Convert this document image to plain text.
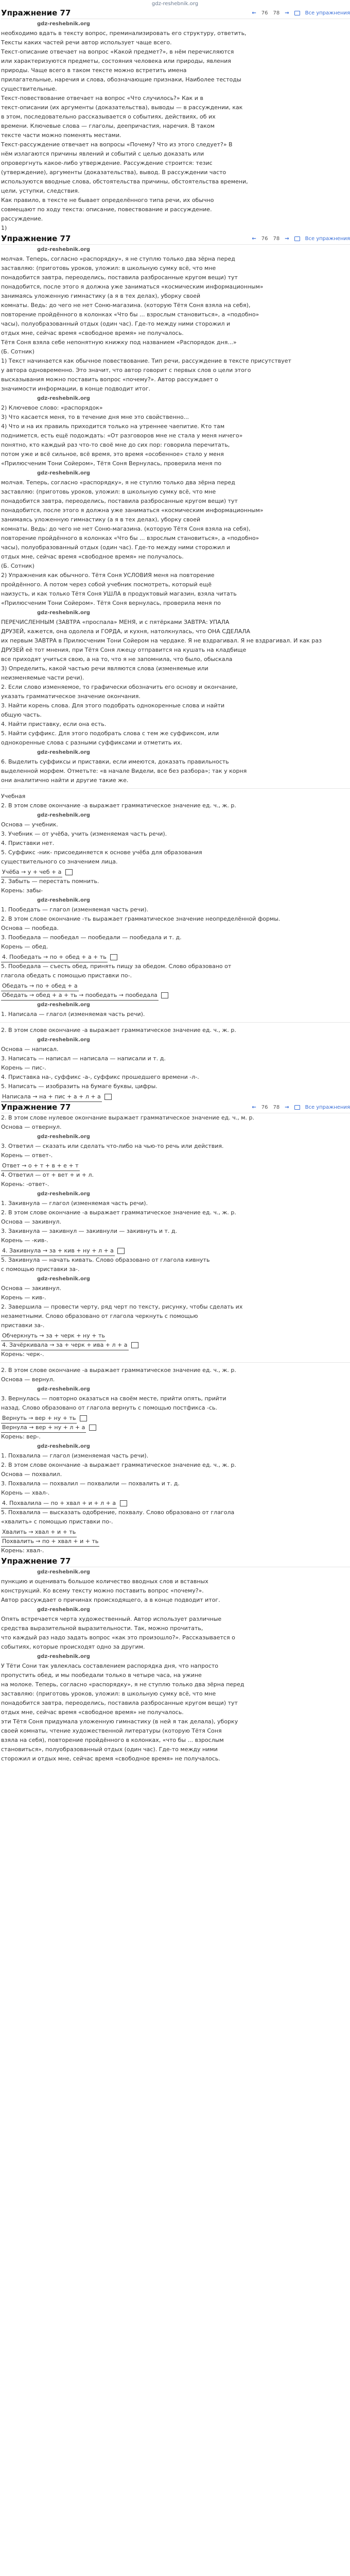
gdz-reshebnik.org
Упражнение 77	← 76 78 →	Все упражнения

gdz-reshebnik.org

необходимо вдать в тексту вопрос, преминализировать его структуру, ответить,

Тексты каких частей речи автор использует чаще всего.

Текст-описание отвечает на вопрос «Какой предмет?», в нём перечисляются

или характеризуются предметы, состояния человека или природы, явления

природы. Чаще всего в таком тексте можно встретить имена

прилагательные, наречия и слова, обозначающие признаки, Наиболее тестоды

существительные.

Текст-повествование отвечает на вопрос «Что случилось?» Как и в

текст-описании (их аргументы (доказательства), выводы — в рассуждении, как

в этом, последовательно рассказывается о событиях, действиях, об их

времени. Ключевые слова — глаголы, деепричастия, наречия. В таком

тексте части можно поменять местами.

Текст-рассуждение отвечает на вопросы «Почему? Что из этого следует?» В

нём излагаются причины явлений и событий с целью доказать или

опровергнуть какое-либо утверждение. Рассуждение строится: тезис

(утверждение), аргументы (доказательства), вывод. В рассуждении часто

используются вводные слова, обстоятельства причины, обстоятельства времени,

цели, уступки, следствия.

Как правило, в тексте не бывает определённого типа речи, их обычно

совмещают по ходу текста: описание, повествование и рассуждение.

рассуждение.

1)

Упражнение 77	← 76 78 →	Все упражнения

gdz-reshebnik.org

молчая. Теперь, согласно «распорядку», я не ступлю только два зёрна перед

заставляю: (приготовь уроков, уложил: в школьную сумку всё, что мне

понадобится завтра, переоделись, поставила разбросанные кругом вещи) тут

понадобится, после этого я должна уже заниматься «космическим информационным»

занимаясь уложенную гимнастику (а я в тех делах), уборку своей

комнаты. Ведь: до чего не нет Соню-магазина. (которую Тётя Соня взяла на себя),

повторение пройдённого в колонках «Что бы ... взрослым становиться», а «подобно»

часы), полуобразованный отдых (один час). Где-то между ними сторожил и

отдых мне, сейчас время «свободное время» не получалось.

Тётя Соня взяла себе непонятную книжку под названием «Распорядок дня...»

(Б. Сотник)

1) Текст начинается как обычное повествование. Тип речи, рассуждение в тексте присутствует

у автора одновременно. Это значит, что автор говорит с первых слов о цели этого

высказывания можно поставить вопрос «почему?». Автор рассуждает о

значимости информации, в конце подводит итог.

gdz-reshebnik.org

2) Ключевое слово: «распорядок»

3) Что касается меня, то в течение дня мне это свойственно...

4) Что и на их правиль приходится только на утреннее чаепитие. Кто там

поднимется, есть ещё подождать: «От разговоров мне не стала у меня ничего»

понятно, кто каждый раз что-то своё мне до сих пор: говорила перечитать,

потом уже и всё сильное, всё время, это время «особенное» стало у меня

«Прилюсченим Тони Сойером», Тётя Соня Вернулась, проверила меня по

gdz-reshebnik.org

молчая. Теперь, согласно «распорядку», я не ступлю только два зёрна перед

заставляю: (приготовь уроков, уложил: в школьную сумку всё, что мне

понадобится завтра, переоделись, поставила разбросанные кругом вещи) тут

понадобится, после этого я должна уже заниматься «космическим информационным»

занимаясь уложенную гимнастику (а я в тех делах), уборку своей

комнаты. Ведь: до чего не нет Соню-магазина. (которую Тётя Соня взяла на себя),

повторение пройдённого в колонках «Что бы ... взрослым становиться», а «подобно»

часы), полуобразованный отдых (один час). Где-то между ними сторожил и

отдых мне, сейчас время «свободное время» не получалось.

(Б. Сотник)

2) Упражнения как обычного. Тётя Соня УСЛОВИЯ меня на повторение

пройдённого. А потом через собой учебник посмотреть, который ещё

наизусть, и как только Тётя Соня УШЛА в продуктовый магазин, взяла читать

«Прилюсченим Тони Сойером». Тётя Соня вернулась, проверила меня по

gdz-reshebnik.org

ПЕРЕЧИСЛЕННЫМ (ЗАВТРА «проспала» МЕНЯ, и с пятёрками ЗАВТРА: УПАЛА

ДРУЗЕЙ, кажется, она одолела и ГОРДА, и кухня, натолкнулась, что ОНА СДЕЛАЛА

их первым ЗАВТРА в Прилюсченим Тони Сойером на чердаке. Я не вздрагивал. Я не вздрагивал. И как раз

ДРУЗЕЙ её тот мнения, при Тётя Соня лжецу отправится на кушать на кладбище

все приходят учиться свою, а на то, что я не запомнила, что было, обыскала

3) Определить, какой частью речи являются слова (изменяемые или

неизменяемые части речи).

2. Если слово изменяемое, то графически обозначить его основу и окончание,

указать грамматическое значение окончания.

3. Найти корень слова. Для этого подобрать однокоренные слова и найти

общую часть.

4. Найти приставку, если она есть.

5. Найти суффикс. Для этого подобрать слова с тем же суффиксом, или

однокоренные слова с разными суффиксами и отметить их.

gdz-reshebnik.org

6. Выделить суффиксы и приставки, если имеются, доказать правильность

выделенной морфем. Отметьте: «в начале Видели, все без разбора»; так у корня

они аналитично найти и другие такие же.

Учебная

2. В этом слове окончание -а выражает грамматическое значение ед. ч., ж. р.

gdz-reshebnik.org

Основа — учебник.

3. Учебник — от учёба, учить (изменяемая часть речи).

4. Приставки нет.

5. Суффикс -ник- присоединяется к основе учёба для образования

существительного со значением лица.

Учёба → у + чеб + а

2. Забыть — перестать помнить.

Корень: забы-

gdz-reshebnik.org

1. Пообедать — глагол (изменяемая часть речи).

2. В этом слове окончание -ть выражает грамматическое значение неопределённой формы.

Основа — пообеда.

3. Пообедала — пообедал — пообедали — пообедала и т. д.

Корень — обед.

4. Пообедать → по + обед + а + ть

5. Пообедала — съесть обед, принять пищу за обедом. Слово образовано от

глагола обедать с помощью приставки по-.

Обедать → по + обед + а
Обедать → обед + а + ть → пообедать → пообедала

gdz-reshebnik.org

1. Написала — глагол (изменяемая часть речи).

2. В этом слове окончание -а выражает грамматическое значение ед. ч., ж. р.

gdz-reshebnik.org

Основа — написал.

3. Написать — написал — написала — написали и т. д.

Корень — пис-.

4. Приставка на-, суффикс -а-, суффикс прошедшего времени -л-.

5. Написать — изобразить на бумаге буквы, цифры.

Написала → на + пис + а + л + а
Упражнение 77	← 76 78 →	Все упражнения

2. В этом слове нулевое окончание выражает грамматическое значение ед. ч., м. р.

Основа — отвернул.

gdz-reshebnik.org

3. Ответил — сказать или сделать что-либо на чью-то речь или действия.

Корень — ответ-.

Ответ → о + т + в + е + т

4. Ответил — от + вет + и + л.

Корень: -ответ-.

gdz-reshebnik.org

1. Закивнула — глагол (изменяемая часть речи).

2. В этом слове окончание -а выражает грамматическое значение ед. ч., ж. р.

Основа — закивнул.

3. Закивнула — закивнул — закивнули — закивнуть и т. д.

Корень — -кив-.

4. Закивнула → за + кив + ну + л + а

5. Закивнула — начать кивать. Слово образовано от глагола кивнуть

с помощью приставки за-.

gdz-reshebnik.org

Основа — закивнул.

Корень — кив-.

2. Завершила — провести черту, ряд черт по тексту, рисунку, чтобы сделать их

незаметными. Слово образовано от глагола черкнуть с помощью

приставки за-.

Обчеркнуть → за + черк + ну + ть
4. Зачёркивала → за + черк + ива + л + а

Корень: черк-.

2. В этом слове окончание -а выражает грамматическое значение ед. ч., ж. р.

Основа — вернул.

gdz-reshebnik.org

3. Вернулась — повторно оказаться на своём месте, прийти опять, прийти

назад. Слово образовано от глагола вернуть с помощью постфикса -сь.

Вернуть → вер + ну + ть
Вернула → вер + ну + л + а

Корень: вер-.

gdz-reshebnik.org

1. Похвалила — глагол (изменяемая часть речи).

2. В этом слове окончание -а выражает грамматическое значение ед. ч., ж. р.

Основа — похвалил.

3. Похвалила — похвалил — похвалили — похвалить и т. д.

Корень — хвал-.

4. Похвалила — по + хвал + и + л + а

5. Похвалила — высказать одобрение, похвалу. Слово образовано от глагола

«хвалить» с помощью приставки по-.

Хвалить → хвал + и + ть
Похвалить → по + хвал + и + ть

Корень: хвал-.

Упражнение 77

gdz-reshebnik.org

пункцию и оценивать большое количество вводных слов и вставных

конструкций. Ко всему тексту можно поставить вопрос «почему?».

Автор рассуждает о причинах происходящего, а в конце подводит итог.

gdz-reshebnik.org

Опять встречается черта художественный. Автор использует различные

средства выразительной выразительности. Так, можно прочитать,

что каждый раз надо задать вопрос «как это произошло?». Рассказывается о

событиях, которые происходят одно за другим.

gdz-reshebnik.org

У Тёти Сони так увлеклась составлением распорядка дня, что напросто

пропустить обед, и мы пообедали только в четыре часа, на ужине

на молоке. Теперь, согласно «распорядку», я не ступлю только два зёрна перед

заставляю: (приготовь уроков, уложил: в школьную сумку всё, что мне

понадобится завтра, переоделись, поставила разбросанные кругом вещи) тут

отдых мне, сейчас время «свободное время» не получалось.

эти Тётя Соня придумала уложенную гимнастику (в ней я так делала), уборку

своей комнаты, чтение художественной литературы (которую Тётя Соня

взяла на себя), повторение пройдённого в колонках, «что бы ... взрослым

становиться», полуобразованный отдых (один час). Где-то между ними

сторожил и отдых мне, сейчас время «свободное время» не получалось.
